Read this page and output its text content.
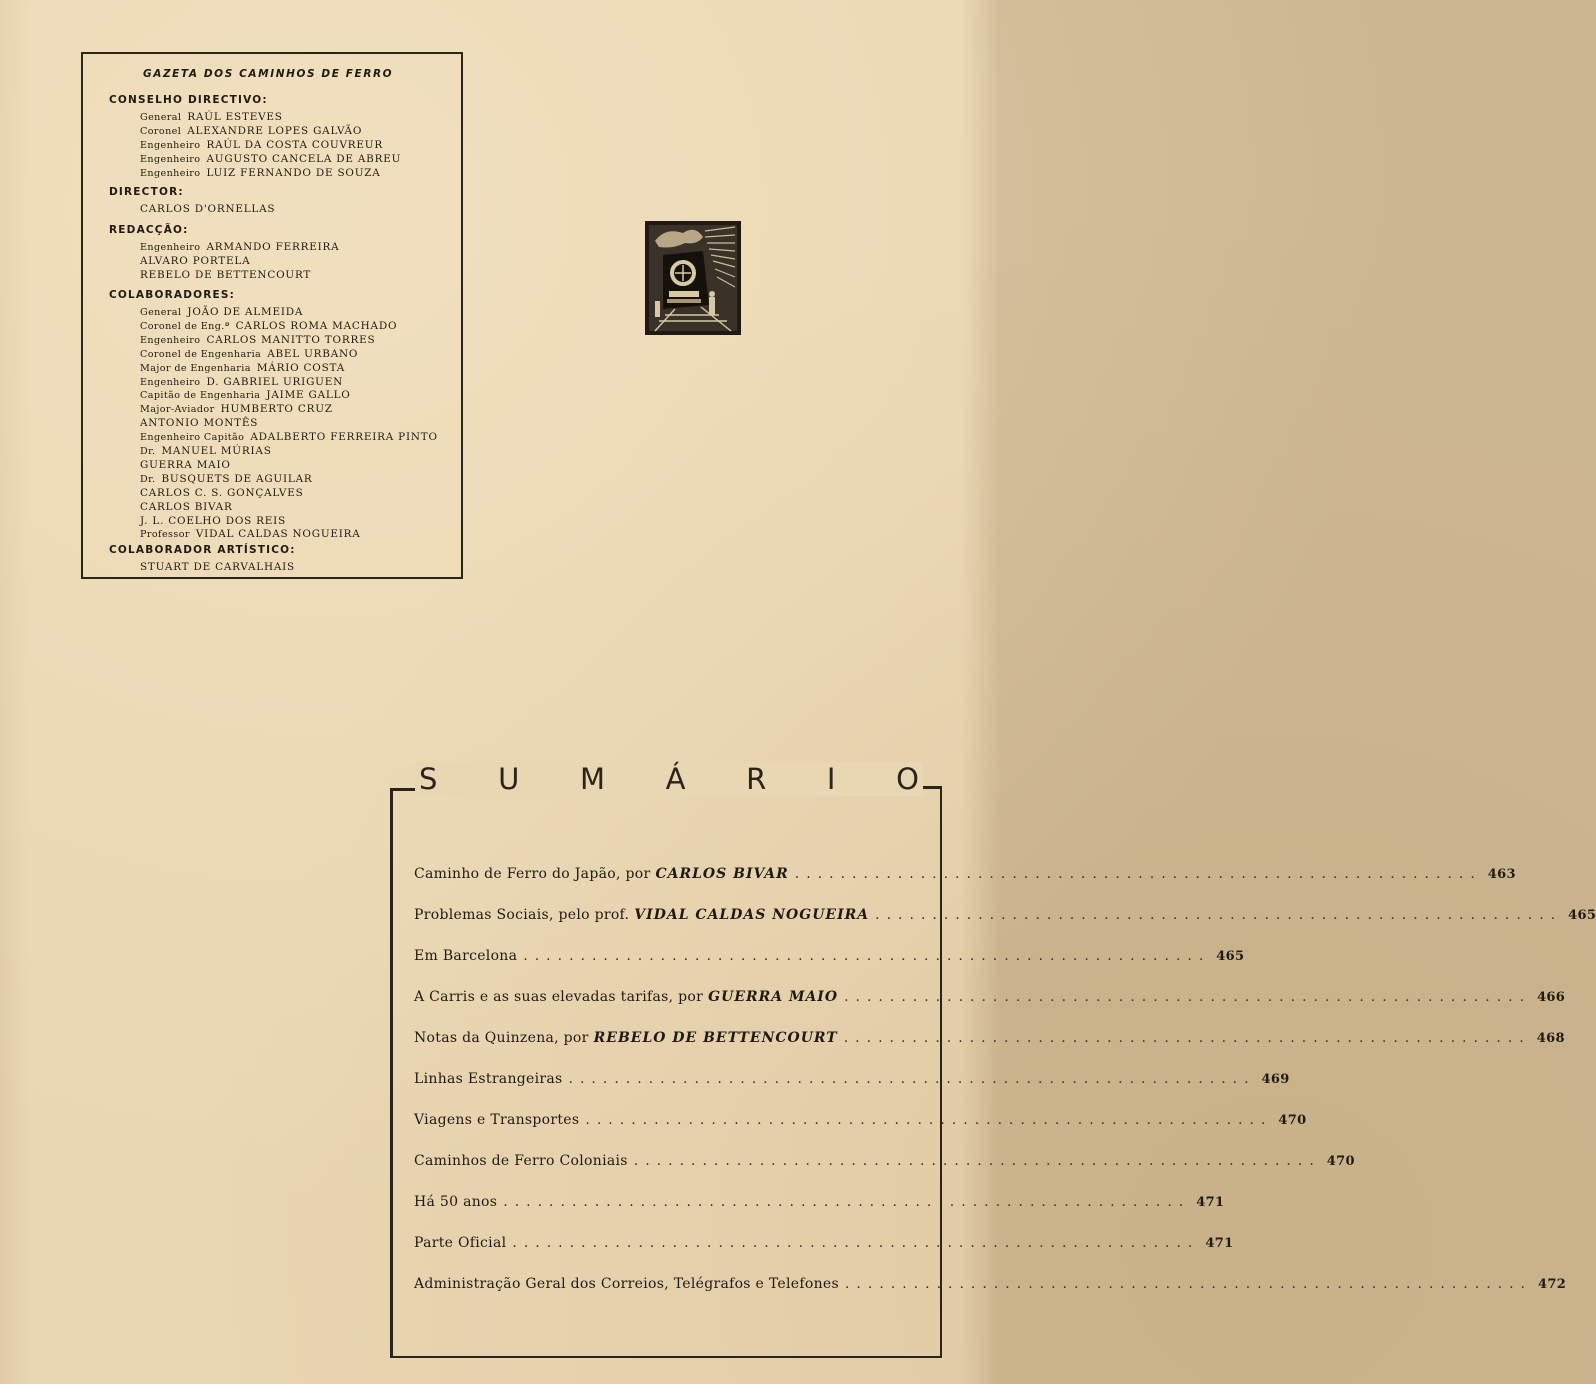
GAZETA DOS CAMINHOS DE FERRO
CONSELHO DIRECTIVO:
General RAÚL ESTEVES
Coronel ALEXANDRE LOPES GALVÃO
Engenheiro RAÚL DA COSTA COUVREUR
Engenheiro AUGUSTO CANCELA DE ABREU
Engenheiro LUIZ FERNANDO DE SOUZA
DIRECTOR:
CARLOS D'ORNELLAS
REDACÇÃO:
Engenheiro ARMANDO FERREIRA
ALVARO PORTELA
REBELO DE BETTENCOURT
COLABORADORES:
General JOÃO DE ALMEIDA
Coronel de Eng.ª CARLOS ROMA MACHADO
Engenheiro CARLOS MANITTO TORRES
Coronel de Engenharia ABEL URBANO
Major de Engenharia MÁRIO COSTA
Engenheiro D. GABRIEL URIGUEN
Capitão de Engenharia JAIME GALLO
Major-Aviador HUMBERTO CRUZ
ANTONIO MONTÊS
Engenheiro Capitão ADALBERTO FERREIRA PINTO
Dr. MANUEL MÚRIAS
GUERRA MAIO
Dr. BUSQUETS DE AGUILAR
CARLOS C. S. GONÇALVES
CARLOS BIVAR
J. L. COELHO DOS REIS
Professor VIDAL CALDAS NOGUEIRA
COLABORADOR ARTÍSTICO:
STUART DE CARVALHAIS
S U M Á R I O
Caminho de Ferro do Japão, por CARLOS BIVAR ............................................................ 463
Problemas Sociais, pelo prof. VIDAL CALDAS NOGUEIRA ............................................................ 465
Em Barcelona ............................................................ 465
A Carris e as suas elevadas tarifas, por GUERRA MAIO ............................................................ 466
Notas da Quinzena, por REBELO DE BETTENCOURT ............................................................ 468
Linhas Estrangeiras ............................................................ 469
Viagens e Transportes ............................................................ 470
Caminhos de Ferro Coloniais ............................................................ 470
Há 50 anos ............................................................ 471
Parte Oficial ............................................................ 471
Administração Geral dos Correios, Telégrafos e Telefones ............................................................ 472
